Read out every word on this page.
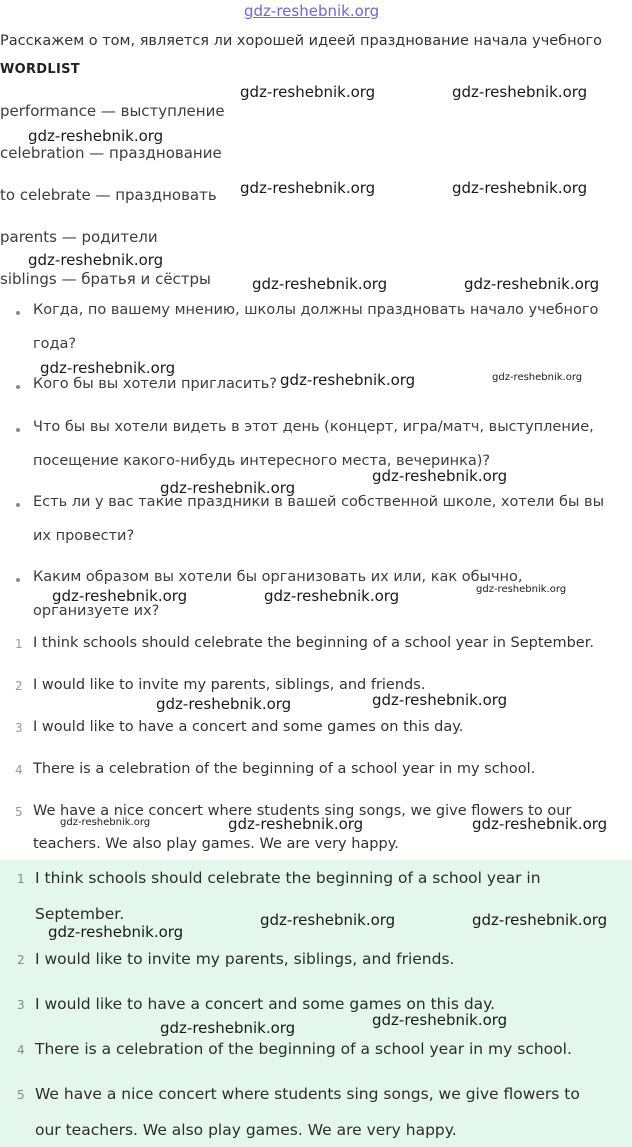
gdz-reshebnik.org
Расскажем о том, является ли хорошей идеей празднование начала учебного
WORDLIST
performance — выступление
celebration — празднование
to celebrate — праздновать
parents — родители
siblings — братья и сёстры
Когда, по вашему мнению, школы должны праздновать начало учебного
года?
Кого бы вы хотели пригласить?
Что бы вы хотели видеть в этот день (концерт, игра/матч, выступление,
посещение какого-нибудь интересного места, вечеринка)?
Есть ли у вас такие праздники в вашей собственной школе, хотели бы вы
их провести?
Каким образом вы хотели бы организовать их или, как обычно,
организуете их?
1 I think schools should celebrate the beginning of a school year in September.
2 I would like to invite my parents, siblings, and friends.
3 I would like to have a concert and some games on this day.
4 There is a celebration of the beginning of a school year in my school.
5 We have a nice concert where students sing songs, we give flowers to our
teachers. We also play games. We are very happy.
1 I think schools should celebrate the beginning of a school year in
September.
2 I would like to invite my parents, siblings, and friends.
3 I would like to have a concert and some games on this day.
4 There is a celebration of the beginning of a school year in my school.
5 We have a nice concert where students sing songs, we give flowers to
our teachers. We also play games. We are very happy.
gdz-reshebnik.org	gdz-reshebnik.org
gdz-reshebnik.org
gdz-reshebnik.org	gdz-reshebnik.org
gdz-reshebnik.org
gdz-reshebnik.org	gdz-reshebnik.org
gdz-reshebnik.org
gdz-reshebnik.org	gdz-reshebnik.org
gdz-reshebnik.org
gdz-reshebnik.org
gdz-reshebnik.org
gdz-reshebnik.org	gdz-reshebnik.org
gdz-reshebnik.org
gdz-reshebnik.org
gdz-reshebnik.org	gdz-reshebnik.org	gdz-reshebnik.org
gdz-reshebnik.org	gdz-reshebnik.org
gdz-reshebnik.org
gdz-reshebnik.org
gdz-reshebnik.org
